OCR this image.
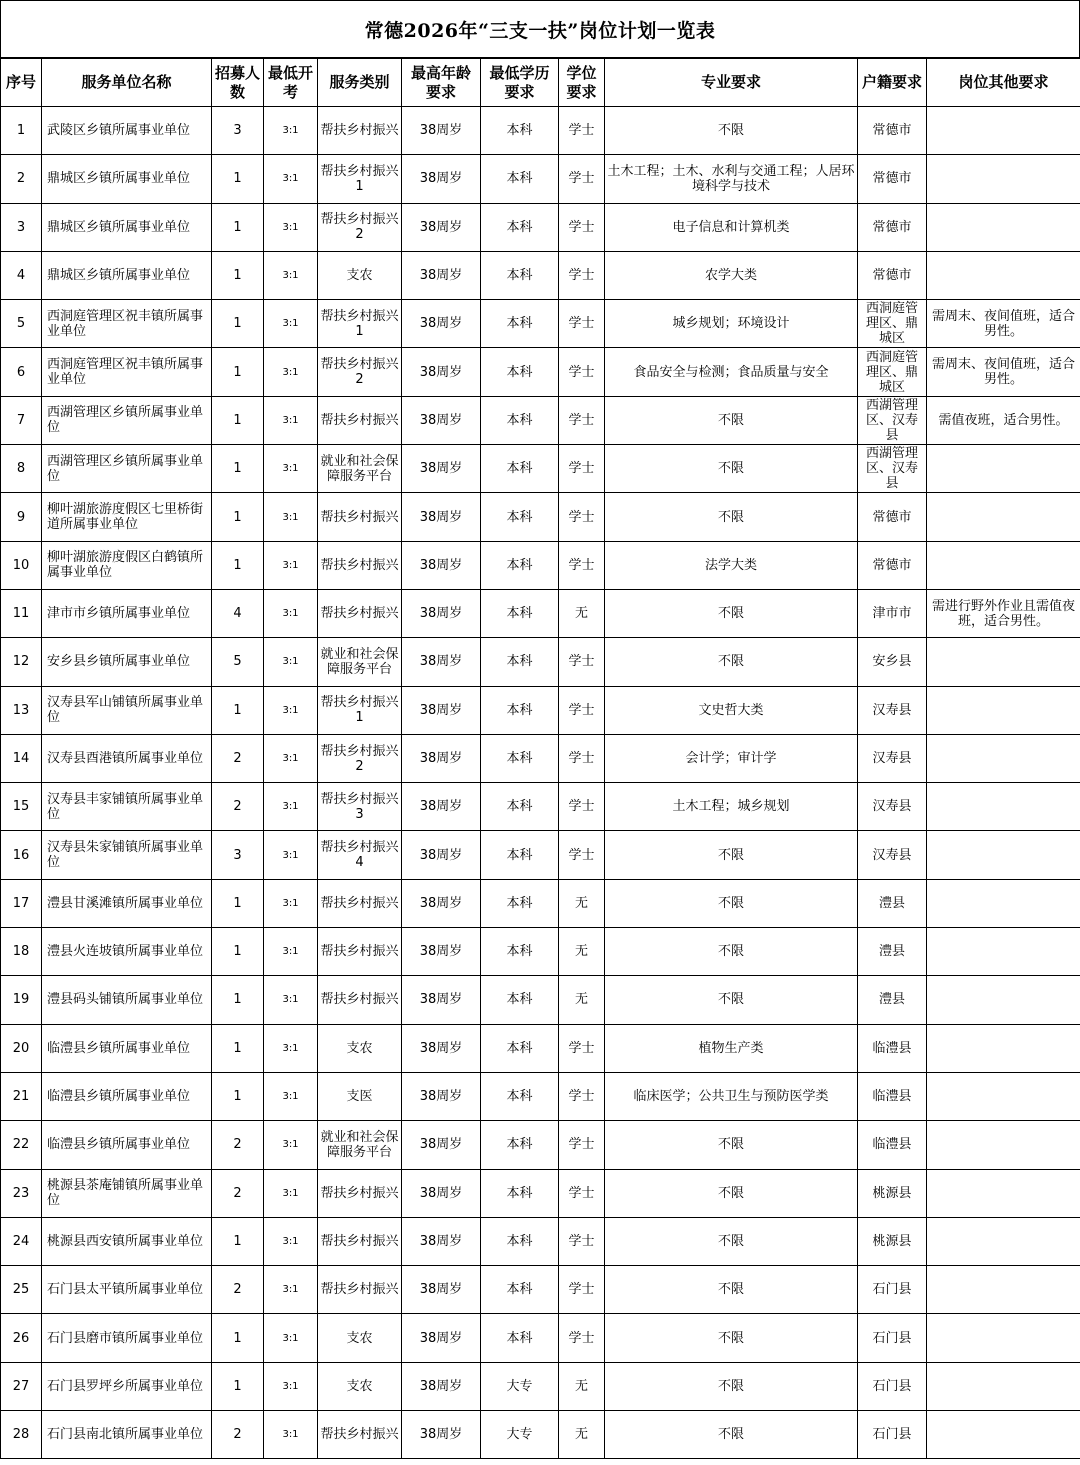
常德2026年“三支一扶”岗位计划一览表
序号	服务单位名称	招募人数	最低开考	服务类别	最高年龄要求	最低学历要求	学位要求	专业要求	户籍要求	岗位其他要求
1	武陵区乡镇所属事业单位	3	3:1	帮扶乡村振兴	38周岁	本科	学士	不限	常德市	
2	鼎城区乡镇所属事业单位	1	3:1	帮扶乡村振兴1	38周岁	本科	学士	土木工程；土木、水利与交通工程；人居环境科学与技术	常德市	
3	鼎城区乡镇所属事业单位	1	3:1	帮扶乡村振兴2	38周岁	本科	学士	电子信息和计算机类	常德市	
4	鼎城区乡镇所属事业单位	1	3:1	支农	38周岁	本科	学士	农学大类	常德市	
5	西洞庭管理区祝丰镇所属事业单位	1	3:1	帮扶乡村振兴1	38周岁	本科	学士	城乡规划；环境设计	西洞庭管理区、鼎城区	需周末、夜间值班，适合男性。
6	西洞庭管理区祝丰镇所属事业单位	1	3:1	帮扶乡村振兴2	38周岁	本科	学士	食品安全与检测；食品质量与安全	西洞庭管理区、鼎城区	需周末、夜间值班，适合男性。
7	西湖管理区乡镇所属事业单位	1	3:1	帮扶乡村振兴	38周岁	本科	学士	不限	西湖管理区、汉寿县	需值夜班，适合男性。
8	西湖管理区乡镇所属事业单位	1	3:1	就业和社会保障服务平台	38周岁	本科	学士	不限	西湖管理区、汉寿县	
9	柳叶湖旅游度假区七里桥街道所属事业单位	1	3:1	帮扶乡村振兴	38周岁	本科	学士	不限	常德市	
10	柳叶湖旅游度假区白鹤镇所属事业单位	1	3:1	帮扶乡村振兴	38周岁	本科	学士	法学大类	常德市	
11	津市市乡镇所属事业单位	4	3:1	帮扶乡村振兴	38周岁	本科	无	不限	津市市	需进行野外作业且需值夜班，适合男性。
12	安乡县乡镇所属事业单位	5	3:1	就业和社会保障服务平台	38周岁	本科	学士	不限	安乡县	
13	汉寿县军山铺镇所属事业单位	1	3:1	帮扶乡村振兴1	38周岁	本科	学士	文史哲大类	汉寿县	
14	汉寿县酉港镇所属事业单位	2	3:1	帮扶乡村振兴2	38周岁	本科	学士	会计学；审计学	汉寿县	
15	汉寿县丰家铺镇所属事业单位	2	3:1	帮扶乡村振兴3	38周岁	本科	学士	土木工程；城乡规划	汉寿县	
16	汉寿县朱家铺镇所属事业单位	3	3:1	帮扶乡村振兴4	38周岁	本科	学士	不限	汉寿县	
17	澧县甘溪滩镇所属事业单位	1	3:1	帮扶乡村振兴	38周岁	本科	无	不限	澧县	
18	澧县火连坡镇所属事业单位	1	3:1	帮扶乡村振兴	38周岁	本科	无	不限	澧县	
19	澧县码头铺镇所属事业单位	1	3:1	帮扶乡村振兴	38周岁	本科	无	不限	澧县	
20	临澧县乡镇所属事业单位	1	3:1	支农	38周岁	本科	学士	植物生产类	临澧县	
21	临澧县乡镇所属事业单位	1	3:1	支医	38周岁	本科	学士	临床医学；公共卫生与预防医学类	临澧县	
22	临澧县乡镇所属事业单位	2	3:1	就业和社会保障服务平台	38周岁	本科	学士	不限	临澧县	
23	桃源县茶庵铺镇所属事业单位	2	3:1	帮扶乡村振兴	38周岁	本科	学士	不限	桃源县	
24	桃源县西安镇所属事业单位	1	3:1	帮扶乡村振兴	38周岁	本科	学士	不限	桃源县	
25	石门县太平镇所属事业单位	2	3:1	帮扶乡村振兴	38周岁	本科	学士	不限	石门县	
26	石门县磨市镇所属事业单位	1	3:1	支农	38周岁	本科	学士	不限	石门县	
27	石门县罗坪乡所属事业单位	1	3:1	支农	38周岁	大专	无	不限	石门县	
28	石门县南北镇所属事业单位	2	3:1	帮扶乡村振兴	38周岁	大专	无	不限	石门县	
